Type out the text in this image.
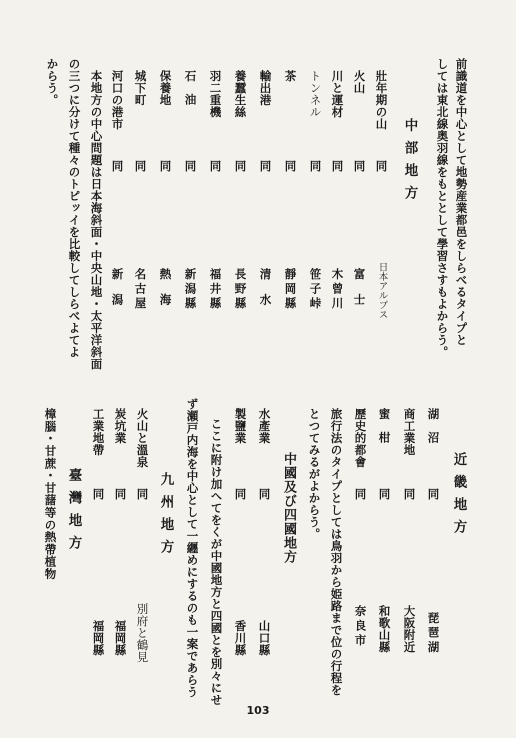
前識道を中心として地勢産業都邑をしらべるタイプと
しては東北線奥羽線をもととして學習さすもよからう。
中部地方
壯年期の山
同
日本アルプス
火山
同
富士
川と運材
同
木曾川
トンネル
同
笹子峠
茶
同
靜岡縣
輸出港
同
清水
養蠶生絲
同
長野縣
羽二重機
同
福井縣
石油
同
新潟縣
保養地
同
熱海
城下町
同
名古屋
河口の港市
同
新潟
本地方の中心問題は日本海斜面・中央山地・太平洋斜面
の三つに分けて種々のトピッイを比較してしらべよてよ
からう。
近畿地方
湖沼
同
琵琶湖
商工業地
同
大阪附近
蜜柑
同
和歌山縣
歷史的都會
同
奈良市
旅行法のタイプとしては鳥羽から姫路まで位の行程を
とつてみるがよからう。
中國及び四國地方
水產業
同
山口縣
製鹽業
同
香川縣
ここに附け加へてをくが中國地方と四國とを別々にせ
ず瀬戸内海を中心として一纒めにするのも一案であらう
九州地方
火山と溫泉
同
別府と鶴見
炭坑業
同
福岡縣
工業地帶
同
福岡縣
臺灣地方
樟腦・甘蔗・甘藷等の熱帶植物
103
